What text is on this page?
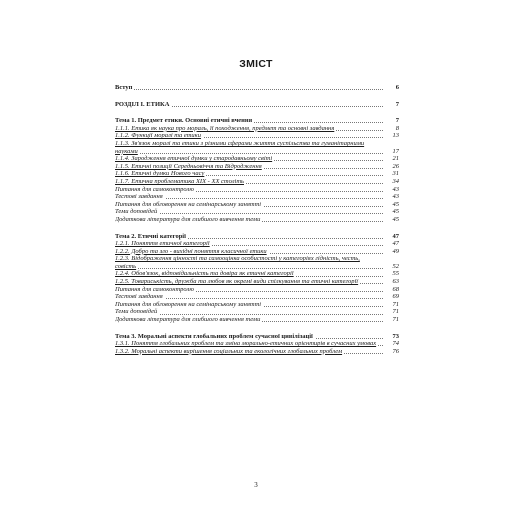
ЗМІСТ
Вступ	6
РОЗДІЛ І. ЕТИКА	7
Тема 1. Предмет етики. Основні етичні вчення	7
1.1.1. Етика як наука про мораль, її походження, предмет та основні завдання	8
1.1.2. Функції моралі та етики	13
1.1.3. Зв'язок моралі та етики з різними сферами життя суспільства та гуманітарними науками	17
1.1.4. Зародження етичної думки у стародавньому світі	21
1.1.5. Етичні позиції Середньовіччя та Відродження	26
1.1.6. Етичні думки Нового часу	31
1.1.7. Етична проблематика XIX - XX століть	34
Питання для самоконтролю	43
Тестові завдання	43
Питання для обговорення на семінарському занятті	45
Теми доповідей	45
Додаткова література для глибшого вивчення теми	45
Тема 2. Етичні категорії	47
1.2.1. Поняття етичної категорії	47
1.2.2. Добро та зло - вихідні поняття класичної етики	49
1.2.3. Відображення цінності та самооцінка особистості у категоріях гідність, честь, совість	52
1.2.4. Обов'язок, відповідальність та довіра як етичні категорії	55
1.2.5. Товариськість, дружба та любов як окремі види спілкування та етичні категорії	63
Питання для самоконтролю	68
Тестові завдання	69
Питання для обговорення на семінарському занятті	71
Теми доповідей	71
Додаткова література для глибшого вивчення теми	71
Тема 3. Моральні аспекти глобальних проблем сучасної цивілізації	73
1.3.1. Поняття глобальних проблем та зміна морально-етичних орієнтирів в сучасних умовах	74
1.3.2. Моральні аспекти вирішення соціальних та екологічних глобальних проблем	76
3
